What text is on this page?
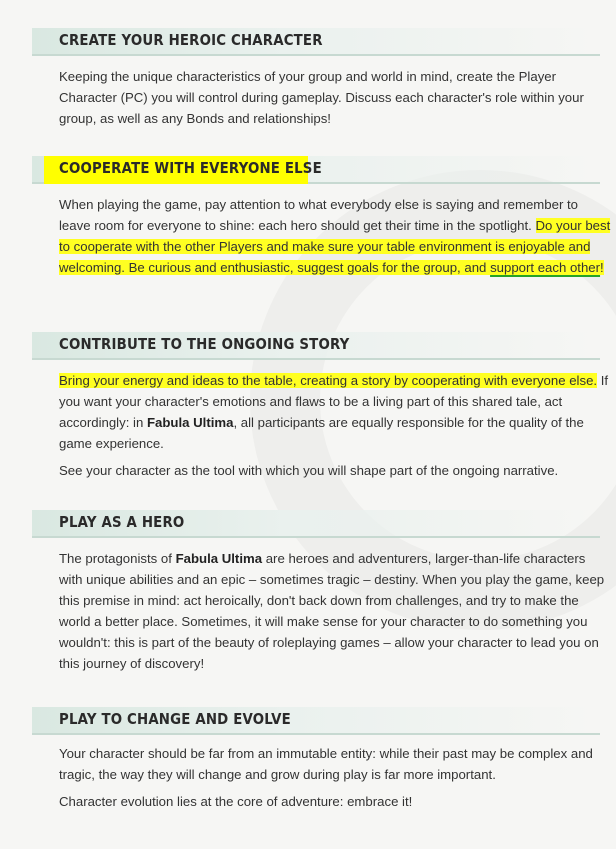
CREATE YOUR HEROIC CHARACTER

Keeping the unique characteristics of your group and world in mind, create the Player Character (PC) you will control during gameplay. Discuss each character's role within your group, as well as any Bonds and relationships!

COOPERATE WITH EVERYONE ELSE

When playing the game, pay attention to what everybody else is saying and remember to leave room for everyone to shine: each hero should get their time in the spotlight. Do your best to cooperate with the other Players and make sure your table environment is enjoyable and welcoming. Be curious and enthusiastic, suggest goals for the group, and support each other!

CONTRIBUTE TO THE ONGOING STORY

Bring your energy and ideas to the table, creating a story by cooperating with everyone else. If you want your character's emotions and flaws to be a living part of this shared tale, act accordingly: in Fabula Ultima, all participants are equally responsible for the quality of the game experience.

See your character as the tool with which you will shape part of the ongoing narrative.

PLAY AS A HERO

The protagonists of Fabula Ultima are heroes and adventurers, larger-than-life characters with unique abilities and an epic – sometimes tragic – destiny. When you play the game, keep this premise in mind: act heroically, don't back down from challenges, and try to make the world a better place. Sometimes, it will make sense for your character to do something you wouldn't: this is part of the beauty of roleplaying games – allow your character to lead you on this journey of discovery!

PLAY TO CHANGE AND EVOLVE

Your character should be far from an immutable entity: while their past may be complex and tragic, the way they will change and grow during play is far more important.

Character evolution lies at the core of adventure: embrace it!
